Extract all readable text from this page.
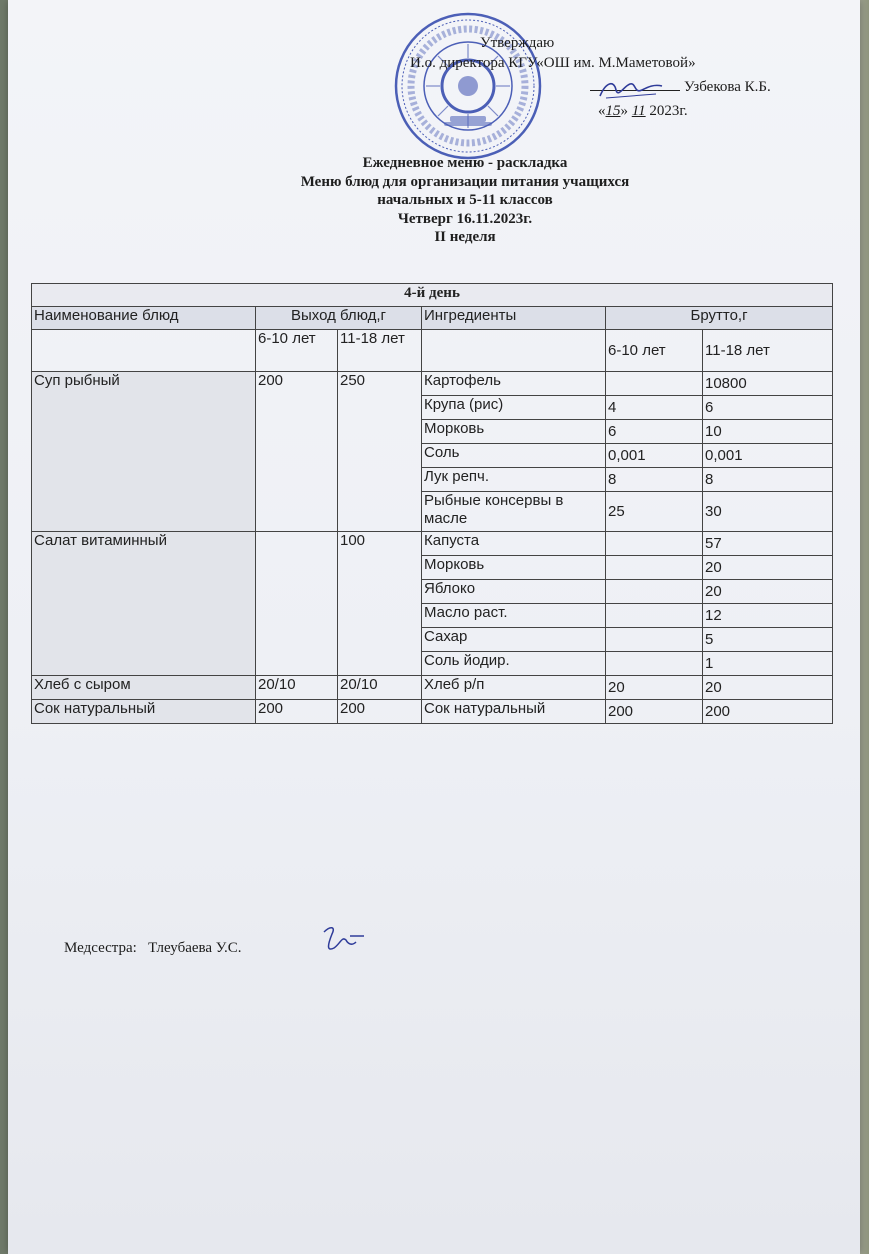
Утверждаю
И.о. директора КГУ«ОШ им. М.Маметовой»
Узбекова К.Б.
«15» 11 2023г.
Ежедневное меню - раскладка
Меню блюд для организации питания учащихся
начальных и 5-11 классов
Четверг 16.11.2023г.
II неделя
4-й день					
Наименование блюд	Выход блюд,г		Ингредиенты	Брутто,г	
	6-10 лет	11-18 лет		6-10 лет	11-18 лет
Суп рыбный	200	250	Картофель		10800
			Крупа (рис)	4	6
			Морковь	6	10
			Соль	0,001	0,001
			Лук репч.	8	8
			Рыбные консервы в масле	25	30
Салат витаминный		100	Капуста		57
			Морковь		20
			Яблоко		20
			Масло раст.		12
			Сахар		5
			Соль йодир.		1
Хлеб с сыром	20/10	20/10	Хлеб р/п	20	20
Сок натуральный	200	200	Сок натуральный	200	200
Медсестра: Тлеубаева У.С.
